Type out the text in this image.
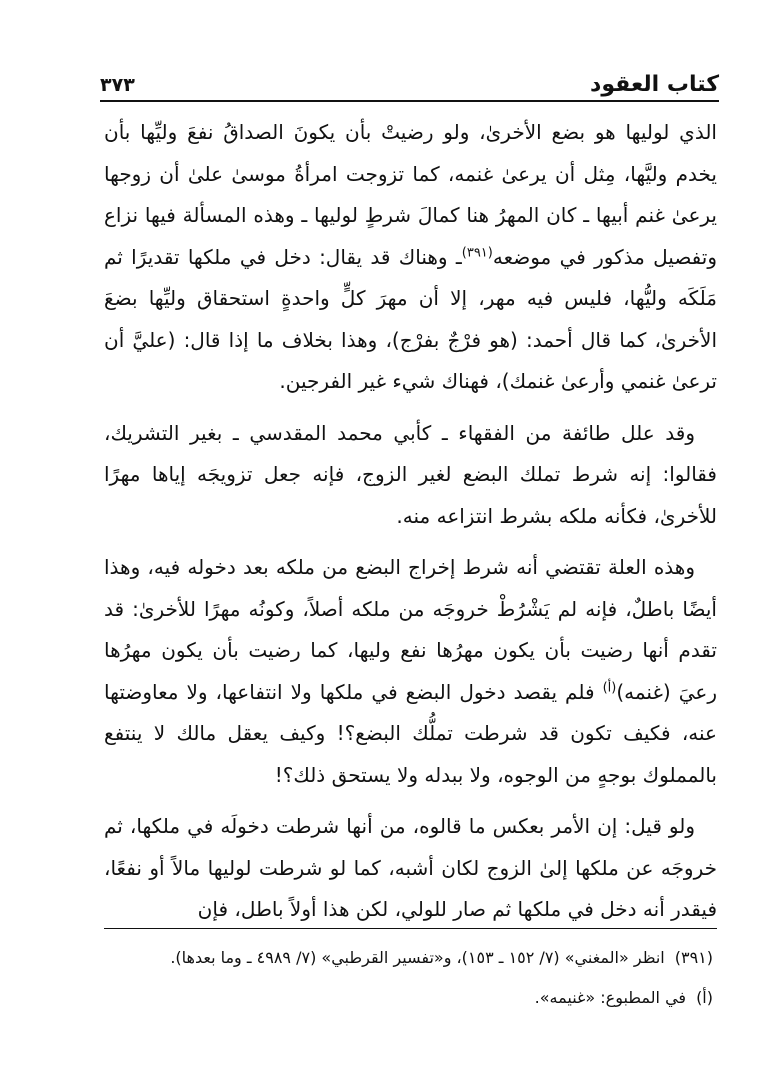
كتاب العقود
٣٧٣

الذي لوليها هو بضع الأخرىٰ، ولو رضيتْ بأن يكونَ الصداقُ نفعَ وليِّها بأن يخدم وليَّها، مِثل أن يرعىٰ غنمه، كما تزوجت امرأةُ موسىٰ علىٰ أن زوجها يرعىٰ غنم أبيها ـ كان المهرُ هنا كمالَ شرطٍ لوليها ـ وهذه المسألة فيها نزاع وتفصيل مذكور في موضعه$^{(٣٩١)}$ـ وهناك قد يقال: دخل في ملكها تقديرًا ثم مَلَكَه وليُّها، فليس فيه مهر، إلا أن مهرَ كلٍّ واحدةٍ استحقاق وليِّها بضعَ الأخرىٰ، كما قال أحمد: (هو فرْجٌ بفرْج)، وهذا بخلاف ما إذا قال: (عليَّ أن ترعىٰ غنمي وأرعىٰ غنمك)، فهناك شيء غير الفرجين.

وقد علل طائفة من الفقهاء ـ كأبي محمد المقدسي ـ بغير التشريك، فقالوا: إنه شرط تملك البضع لغير الزوج، فإنه جعل تزويجَه إياها مهرًا للأخرىٰ، فكأنه ملكه بشرط انتزاعه منه.

وهذه العلة تقتضي أنه شرط إخراج البضع من ملكه بعد دخوله فيه، وهذا أيضًا باطلٌ، فإنه لم يَشْرُطْ خروجَه من ملكه أصلاً، وكونُه مهرًا للأخرىٰ: قد تقدم أنها رضيت بأن يكون مهرُها نفع وليها، كما رضيت بأن يكون مهرُها رعيَ (غنمه)$^{(أ)}$ فلم يقصد دخول البضع في ملكها ولا انتفاعها، ولا معاوضتها عنه، فكيف تكون قد شرطت تملُّك البضع؟! وكيف يعقل مالك لا ينتفع بالمملوك بوجهٍ من الوجوه، ولا ببدله ولا يستحق ذلك؟!

ولو قيل: إن الأمر بعكس ما قالوه، من أنها شرطت دخولَه في ملكها، ثم خروجَه عن ملكها إلىٰ الزوج لكان أشبه، كما لو شرطت لوليها مالاً أو نفعًا، فيقدر أنه دخل في ملكها ثم صار للولي، لكن هذا أولاً باطل، فإن

(٣٩١)انظر «المغني» (٧/ ١٥٢ ـ ١٥٣)، و«تفسير القرطبي» (٧/ ٤٩٨٩ ـ وما بعدها).

(أ)في المطبوع: «غنيمه».
